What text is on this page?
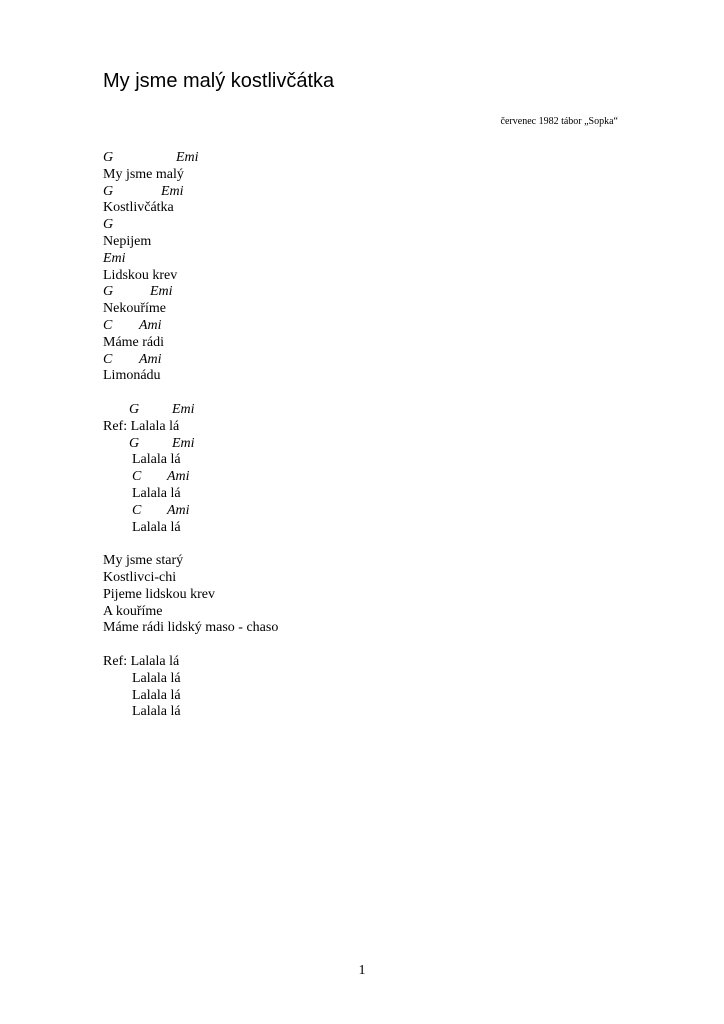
My jsme malý kostlivčátka
červenec 1982 tábor „Sopka“

G

	Emi

My jsme malý

G

	Emi

Kostlivčátka

G

Nepijem

Emi

Lidskou krev

G

	Emi

Nekouříme

C

Ami

Máme rádi

C

Ami

Limonádu

G

Emi

Ref: Lalala lá

G

Emi

Lalala lá

C

Ami

Lalala lá

C

Ami

Lalala lá
My jsme starý
Kostlivci-chi
Pijeme lidskou krev
A kouříme
Máme rádi lidský maso - chaso
Ref: Lalala lá
Lalala lá
Lalala lá
Lalala lá
1
